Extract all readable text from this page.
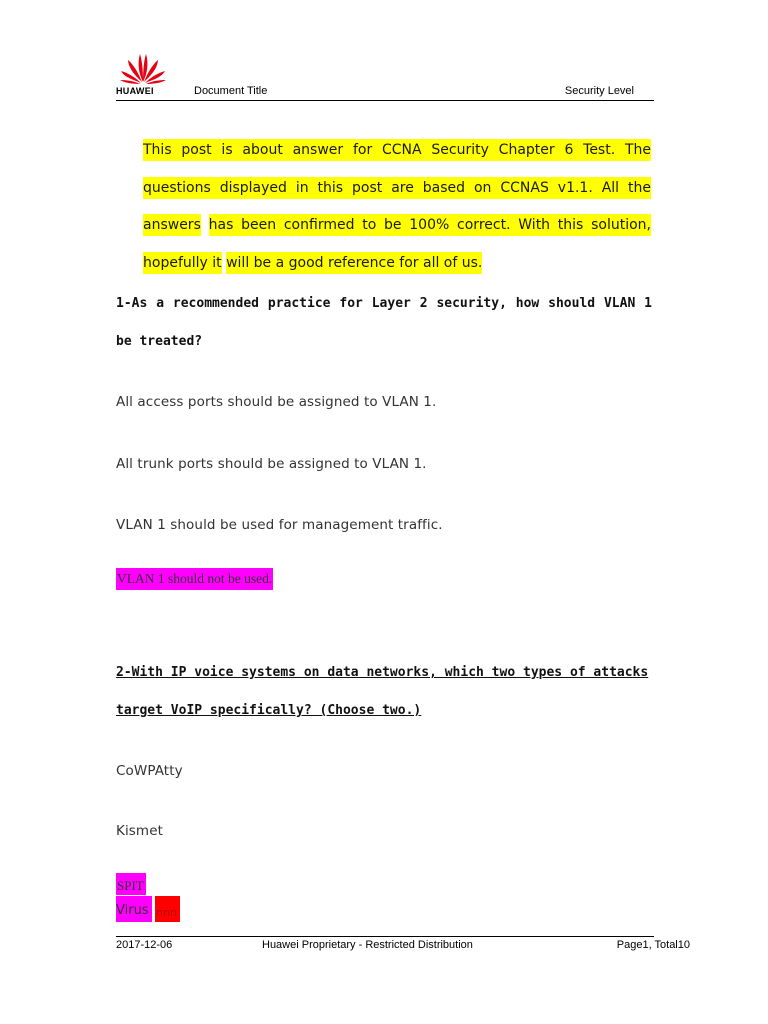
HUAWEI	Document Title	Security Level
This post is about answer for CCNA Security Chapter 6 Test. The questions displayed in this post are based on CCNAS v1.1. All the answers has been confirmed to be 100% correct. With this solution, hopefully it will be a good reference for all of us.
1-As a recommended practice for Layer 2 security, how should VLAN 1 be treated?
All access ports should be assigned to VLAN 1.
All trunk ports should be assigned to VLAN 1.
VLAN 1 should be used for management traffic.
VLAN 1 should not be used.
2-With IP voice systems on data networks, which two types of attacks
target VoIP specifically? (Choose two.)
CoWPAtty
Kismet
SPIT
Virus nnn
2017-12-06	Huawei Proprietary - Restricted Distribution	Page1, Total10
